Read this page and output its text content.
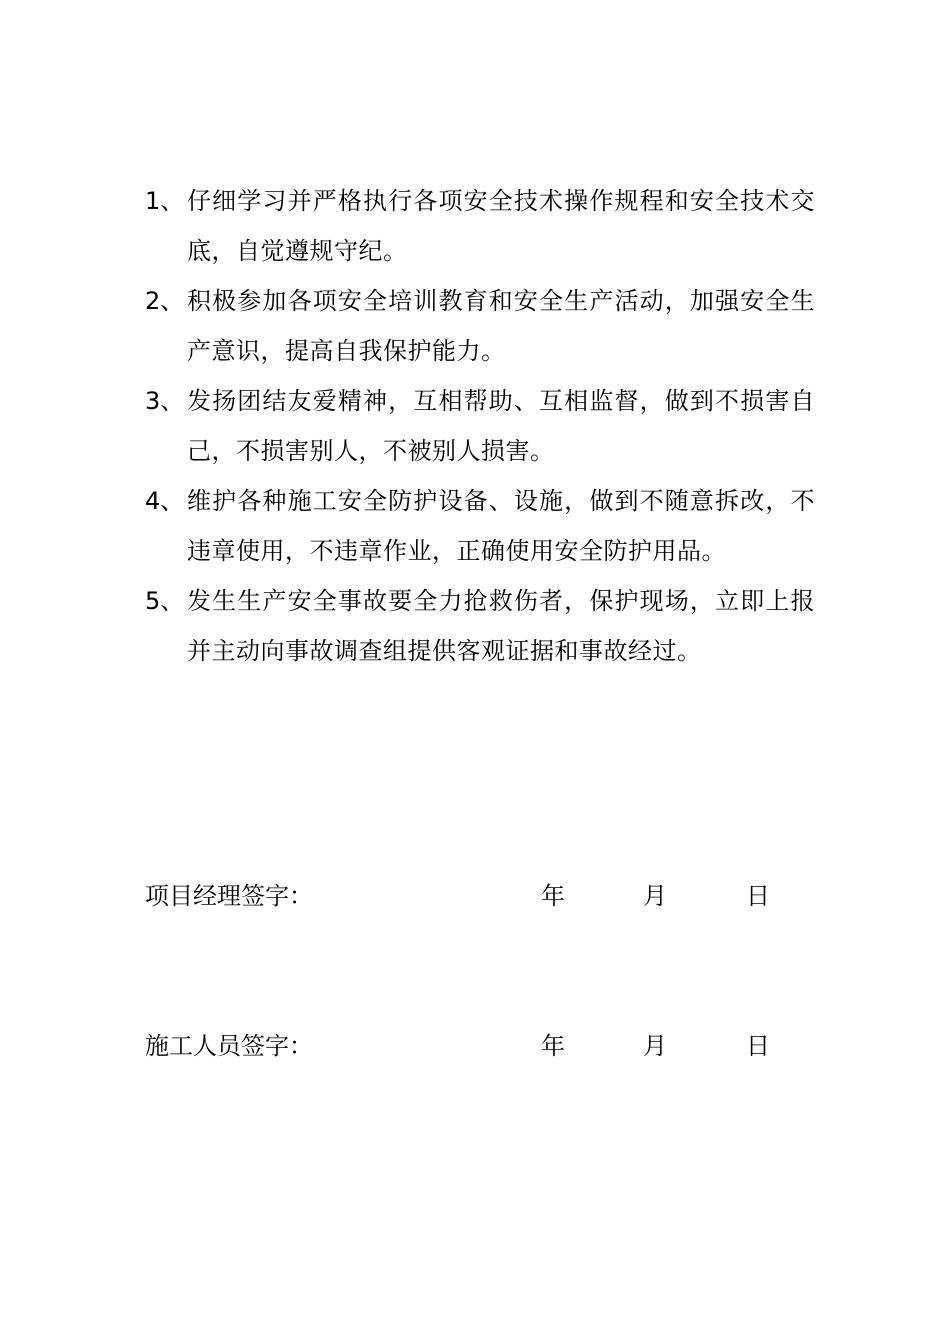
1、 仔细学习并严格执行各项安全技术操作规程和安全技术交底，自觉遵规守纪。
2、 积极参加各项安全培训教育和安全生产活动，加强安全生产意识，提高自我保护能力。
3、 发扬团结友爱精神，互相帮助、互相监督，做到不损害自己，不损害别人，不被别人损害。
4、 维护各种施工安全防护设备、设施，做到不随意拆改，不违章使用，不违章作业，正确使用安全防护用品。
5、 发生生产安全事故要全力抢救伤者，保护现场，立即上报并主动向事故调查组提供客观证据和事故经过。
项目经理签字：	年	月	日
施工人员签字：	年	月	日
